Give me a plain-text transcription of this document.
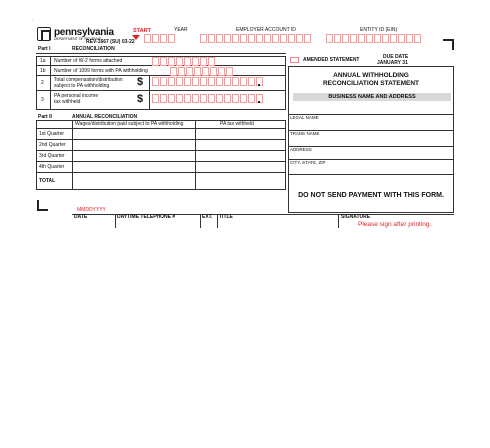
→
pennsylvania
DEPARTMENT OF REVENUE
REV-1667 (SU) 03-22
START	YEAR	EMPLOYER ACCOUNT ID	ENTITY ID (EIN)
Part I	RECONCILIATION
1a Number of W-2 forms attached
1b Number of 1099 forms with PA withholding
2 Total compensation/distribution
subject to PA withholding	$
3
PA personal income
tax withheld	$
Part II	ANNUAL RECONCILIATION
Wages/distribution paid subject to PA withholding	PA tax withheld
1st Quarter
2nd Quarter
3rd Quarter
4th Quarter
TOTAL
AMENDED STATEMENT	DUE DATE
JANUARY 31
ANNUAL WITHHOLDING
RECONCILIATION STATEMENT
BUSINESS NAME AND ADDRESS
LEGAL NAME
TRADE NAME
ADDRESS
CITY, STATE, ZIP
DO NOT SEND PAYMENT WITH THIS FORM.
MMDDYYYY
DATE	DAYTIME TELEPHONE #	EXT. TITLE	SIGNATURE
Please sign after printing.
